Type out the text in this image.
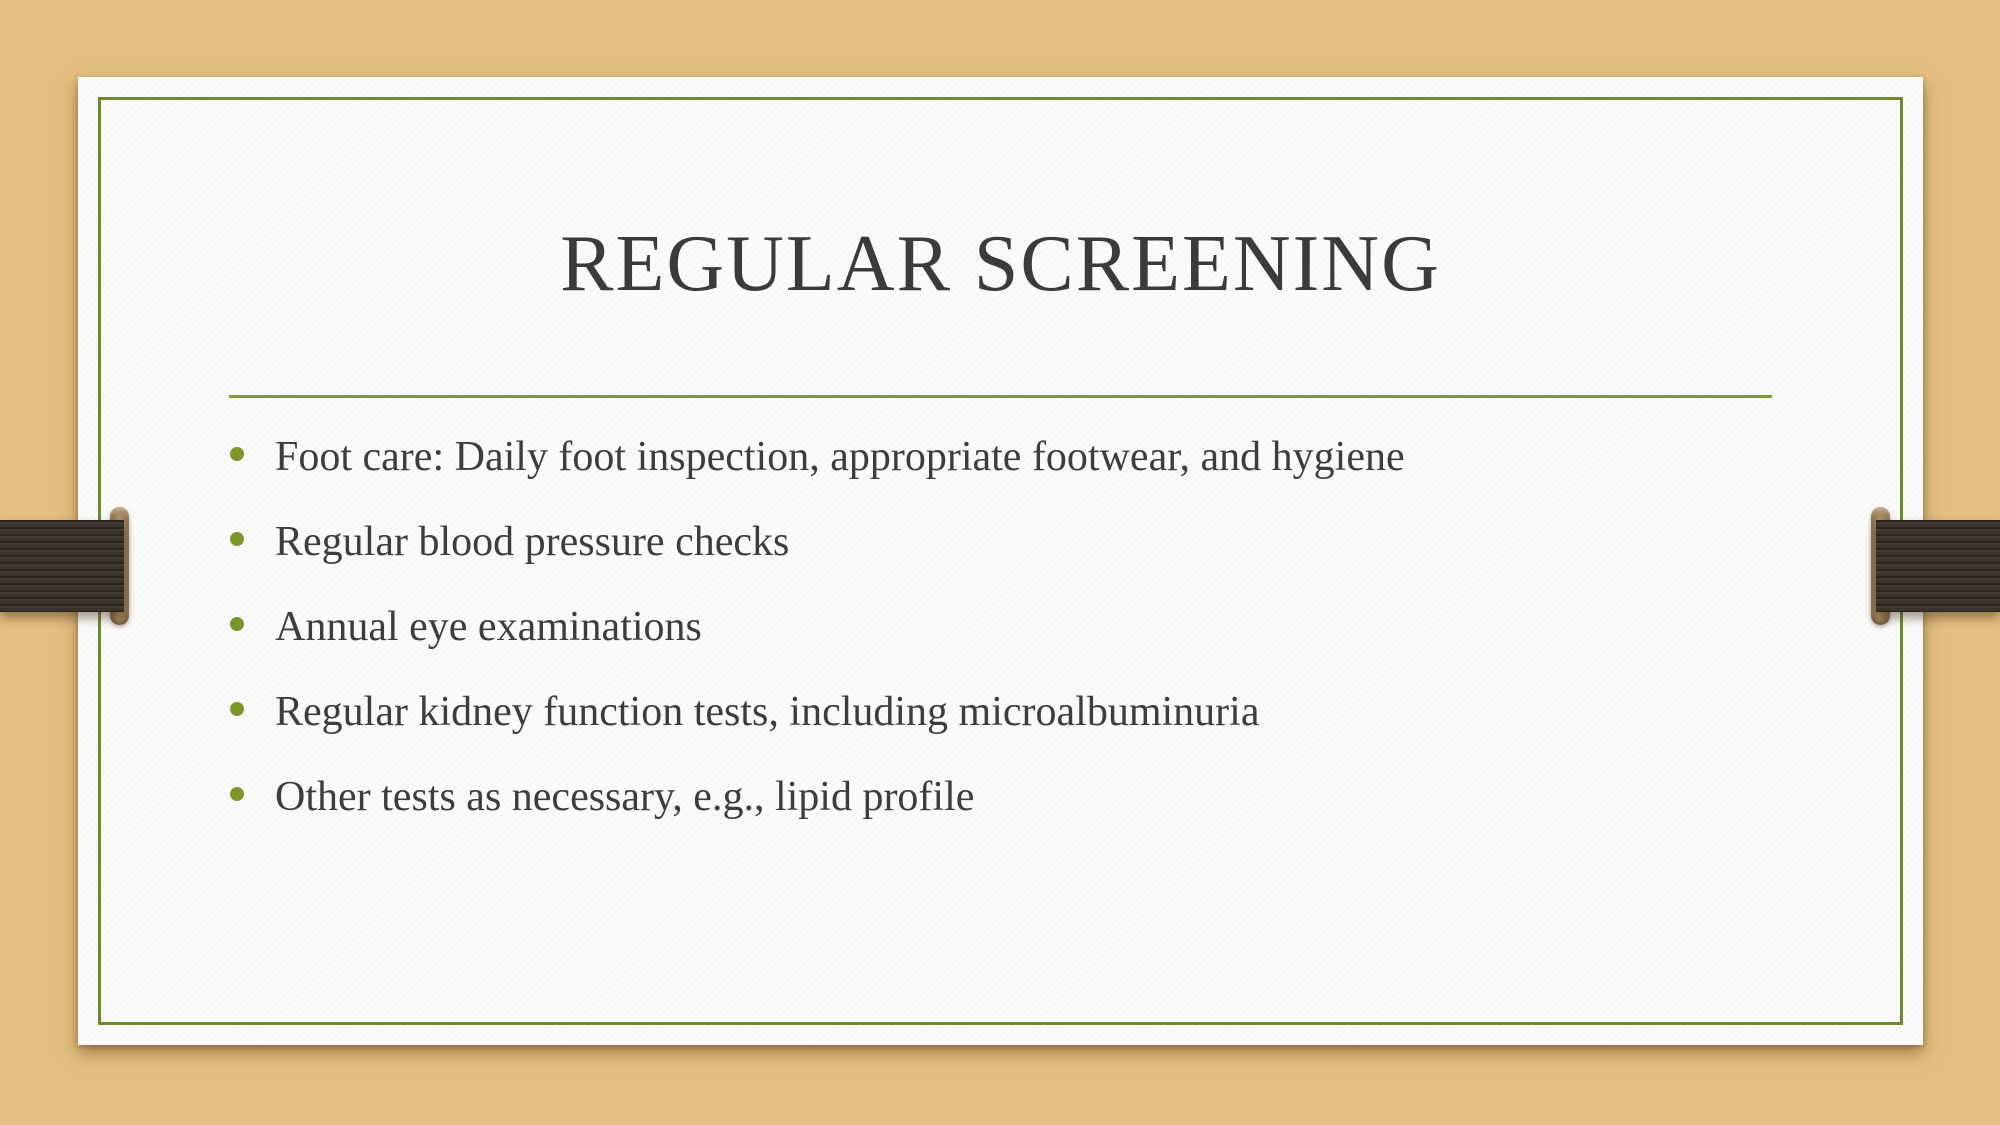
REGULAR SCREENING
Foot care: Daily foot inspection, appropriate footwear, and hygiene
Regular blood pressure checks
Annual eye examinations
Regular kidney function tests, including microalbuminuria
Other tests as necessary, e.g., lipid profile
